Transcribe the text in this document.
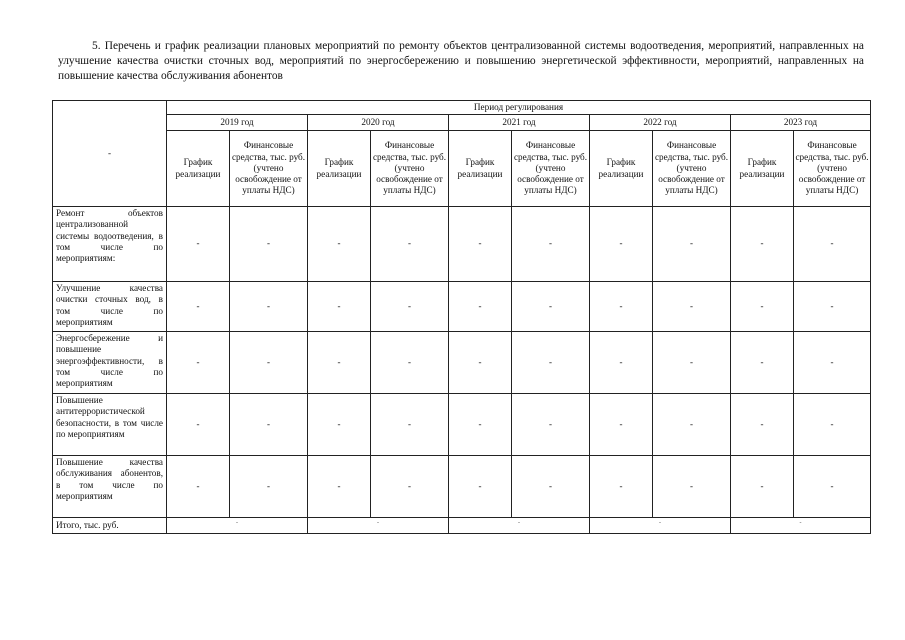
5. Перечень и график реализации плановых мероприятий по ремонту объектов централизованной системы водоотведения, мероприятий, направленных на улучшение качества очистки сточных вод, мероприятий по энергосбережению и повышению энергетической эффективности, мероприятий, направленных на повышение качества обслуживания абонентов
-	Период регулирования									
	2019 год		2020 год		2021 год		2022 год		2023 год	
	График реализации	Финансовые средства, тыс. руб. (учтено освобождение от уплаты НДС)	График реализации	Финансовые средства, тыс. руб. (учтено освобождение от уплаты НДС)	График реализации	Финансовые средства, тыс. руб. (учтено освобождение от уплаты НДС)	График реализации	Финансовые средства, тыс. руб. (учтено освобождение от уплаты НДС)	График реализации	Финансовые средства, тыс. руб. (учтено освобождение от уплаты НДС)
Ремонт объектов централизованной системы водоотведения, в том числе по мероприятиям:	-	-	-	-	-	-	-	-	-	-
Улучшение качества очистки сточных вод, в том числе по мероприятиям	-	-	-	-	-	-	-	-	-	-
Энергосбережение и повышение энергоэффективности, в том числе по мероприятиям	-	-	-	-	-	-	-	-	-	-
Повышение антитеррористической безопасности, в том числе по мероприятиям	-	-	-	-	-	-	-	-	-	-
Повышение качества обслуживания абонентов, в том числе по мероприятиям	-	-	-	-	-	-	-	-	-	-
Итого, тыс. руб.	-		-		-		-		-	
